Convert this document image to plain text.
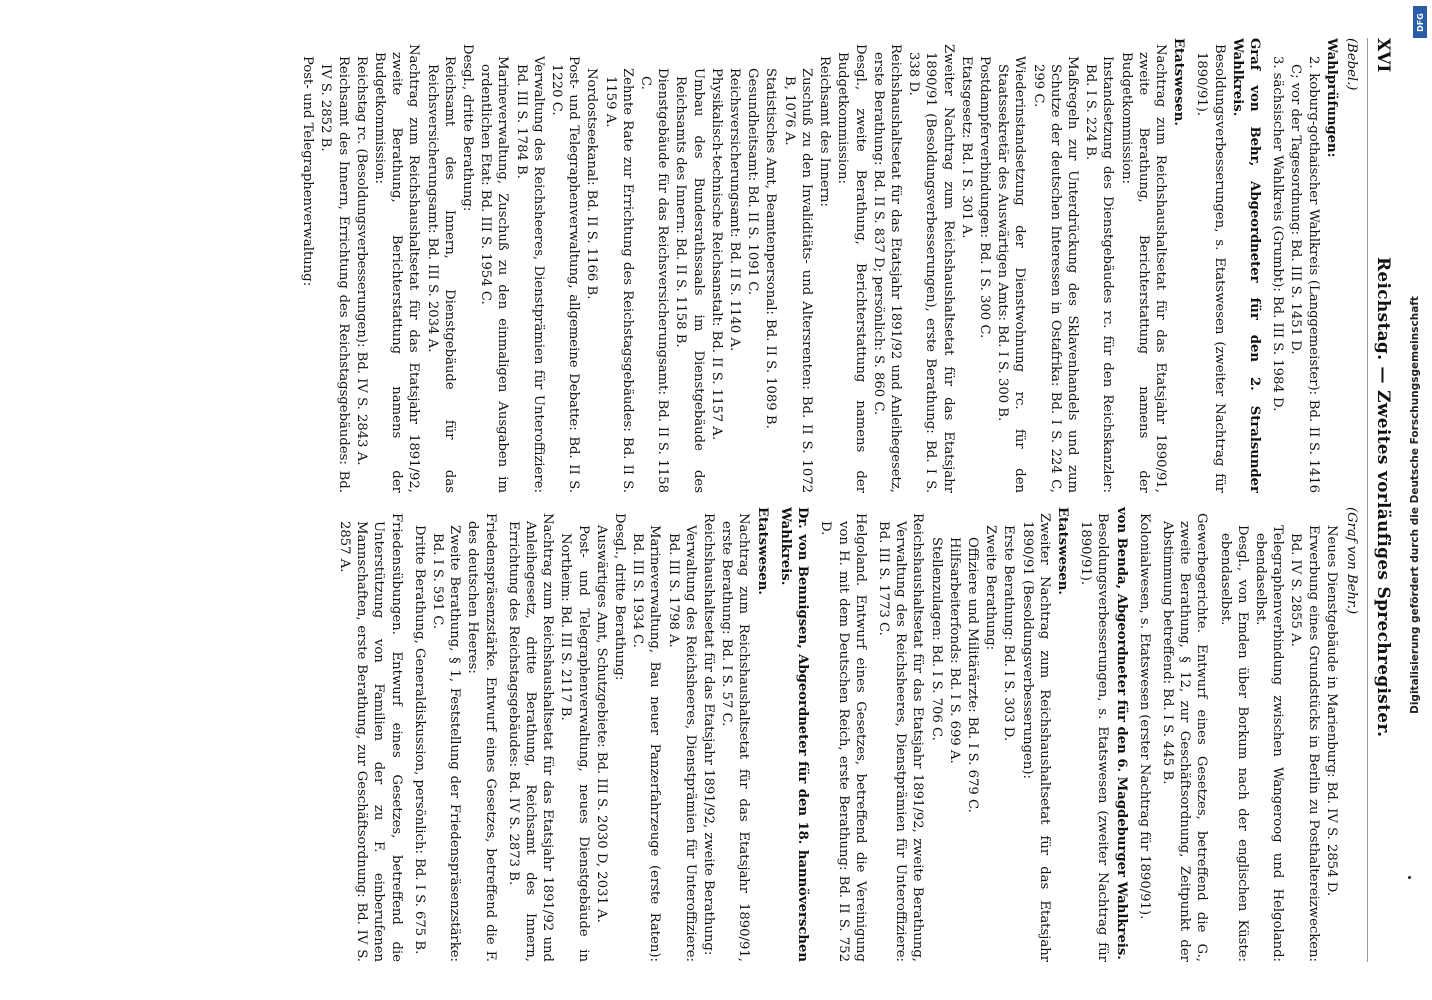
XVI
Reichstag. — Zweites vorläufiges Sprechregister.

(Bebel.)

Wahlprüfungen:

2. koburg-gothaischer Wahlkreis (Langgemeister): Bd. II S. 1416 C; vor der Tagesordnung: Bd. III S. 1451 D.

3. sächsischer Wahlkreis (Grumbt): Bd. III S. 1984 D.

Graf von Behr, Abgeordneter für den 2. Stralsunder Wahlkreis.

Besoldungsverbesserungen, s. Etatswesen (zweiter Nachtrag für 1890/91).

Etatswesen.

Nachtrag zum Reichshaushaltsetat für das Etatsjahr 1890/91, zweite Berathung, Berichterstattung namens der Budgetkommission:

Instandsetzung des Dienstgebäudes rc. für den Reichskanzler: Bd. I S. 224 B.

Maßregeln zur Unterdrückung des Sklavenhandels und zum Schutze der deutschen Interessen in Ostafrika: Bd. I S. 224 C, 299 C.

Wiederinstandsetzung der Dienstwohnung rc. für den Staatssekretär des Auswärtigen Amts: Bd. I S. 300 B.

Postdampferverbindungen: Bd. I S. 300 C.

Etatsgesetz: Bd. I S. 301 A.

Zweiter Nachtrag zum Reichshaushaltsetat für das Etatsjahr 1890/91 (Besoldungsverbesserungen), erste Berathung: Bd. I S. 338 D.

Reichshaushaltsetat für das Etatsjahr 1891/92 und Anleihegesetz, erste Berathung: Bd. II S. 837 D; persönlich: S. 860 C.

Desgl., zweite Berathung, Berichterstattung namens der Budgetkommission:

Reichsamt des Innern:

Zuschuß zu den Invaliditäts- und Altersrenten: Bd. II S. 1072 B, 1076 A.

Statistisches Amt, Beamtenpersonal: Bd. II S. 1089 B.

Gesundheitsamt: Bd. II S. 1091 C.

Reichsversicherungsamt: Bd. II S. 1140 A.

Physikalisch-technische Reichsanstalt: Bd. II S. 1157 A.

Umbau des Bundesrathssaals im Dienstgebäude des Reichsamts des Innern: Bd. II S. 1158 B.

Dienstgebäude für das Reichsversicherungsamt: Bd. II S. 1158 C.

Zehnte Rate zur Errichtung des Reichstagsgebäudes: Bd. II S. 1159 A.

Nordostseekanal: Bd. II S. 1166 B.

Post- und Telegraphenverwaltung, allgemeine Debatte: Bd. II S. 1220 C.

Verwaltung des Reichsheeres, Dienstprämien für Unteroffiziere: Bd. III S. 1784 B.

Marineverwaltung, Zuschuß zu den einmaligen Ausgaben im ordentlichen Etat: Bd. III S. 1954 C.

Desgl., dritte Berathung:

Reichsamt des Innern, Dienstgebäude für das Reichsversicherungsamt: Bd. III S. 2034 A.

Nachtrag zum Reichshaushaltsetat für das Etatsjahr 1891/92, zweite Berathung, Berichterstattung namens der Budgetkommission:

Reichstag rc. (Besoldungsverbesserungen): Bd. IV S. 2843 A.

Reichsamt des Innern, Errichtung des Reichstagsgebäudes: Bd. IV S. 2852 B.

Post- und Telegraphenverwaltung:

(Graf von Behr.)

Neues Dienstgebäude in Marienburg: Bd. IV S. 2854 D.

Erwerbung eines Grundstücks in Berlin zu Posthaltereizwecken: Bd. IV S. 2855 A.

Telegraphenverbindung zwischen Wangeroog und Helgoland: ebendaselbst.

Desgl., von Emden über Borkum nach der englischen Küste: ebendaselbst.

Gewerbegerichte. Entwurf eines Gesetzes, betreffend die G., zweite Berathung, § 12, zur Geschäftsordnung, Zeitpunkt der Abstimmung betreffend: Bd. I S. 445 B.

Kolonialwesen, s. Etatswesen (erster Nachtrag für 1890/91).

von Benda, Abgeordneter für den 6. Magdeburger Wahlkreis.

Besoldungsverbesserungen, s. Etatswesen (zweiter Nachtrag für 1890/91).

Etatswesen.

Zweiter Nachtrag zum Reichshaushaltsetat für das Etatsjahr 1890/91 (Besoldungsverbesserungen):

Erste Berathung: Bd. I S. 303 D.

Zweite Berathung:

Offiziere und Militärärzte: Bd. I S. 679 C.

Hilfsarbeiterfonds: Bd. I S. 699 A.

Stellenzulagen: Bd. I S. 706 C.

Reichshaushaltsetat für das Etatsjahr 1891/92, zweite Berathung, Verwaltung des Reichsheeres, Dienstprämien für Unteroffiziere: Bd. III S. 1773 C.

Helgoland. Entwurf eines Gesetzes, betreffend die Vereinigung von H. mit dem Deutschen Reich, erste Berathung: Bd. II S. 752 D.

Dr. von Bennigsen, Abgeordneter für den 18. hannöverschen Wahlkreis.

Etatswesen.

Nachtrag zum Reichshaushaltsetat für das Etatsjahr 1890/91, erste Berathung: Bd. I S. 57 C.

Reichshaushaltsetat für das Etatsjahr 1891/92, zweite Berathung:

Verwaltung des Reichsheeres, Dienstprämien für Unteroffiziere: Bd. III S. 1798 A.

Marineverwaltung, Bau neuer Panzerfahrzeuge (erste Raten): Bd. III S. 1934 C.

Desgl., dritte Berathung:

Auswärtiges Amt, Schutzgebiete: Bd. III S. 2030 D, 2031 A.

Post- und Telegraphenverwaltung, neues Dienstgebäude in Northeim: Bd. III S. 2117 B.

Nachtrag zum Reichshaushaltsetat für das Etatsjahr 1891/92 und Anleihegesetz, dritte Berathung, Reichsamt des Innern, Errichtung des Reichstagsgebäudes: Bd. IV S. 2873 B.

Friedenspräsenzstärke. Entwurf eines Gesetzes, betreffend die F. des deutschen Heeres:

Zweite Berathung, § 1, Feststellung der Friedenspräsenzstärke: Bd. I S. 591 C.

Dritte Berathung, Generaldiskussion, persönlich: Bd. I S. 675 B.

Friedensübungen. Entwurf eines Gesetzes, betreffend die Unterstützung von Familien der zu F. einberufenen Mannschaften, erste Berathung, zur Geschäftsordnung: Bd. IV S. 2857 A.	Digitalisierung gefördert durch die Deutsche Forschungsgemeinschaft
DFG
